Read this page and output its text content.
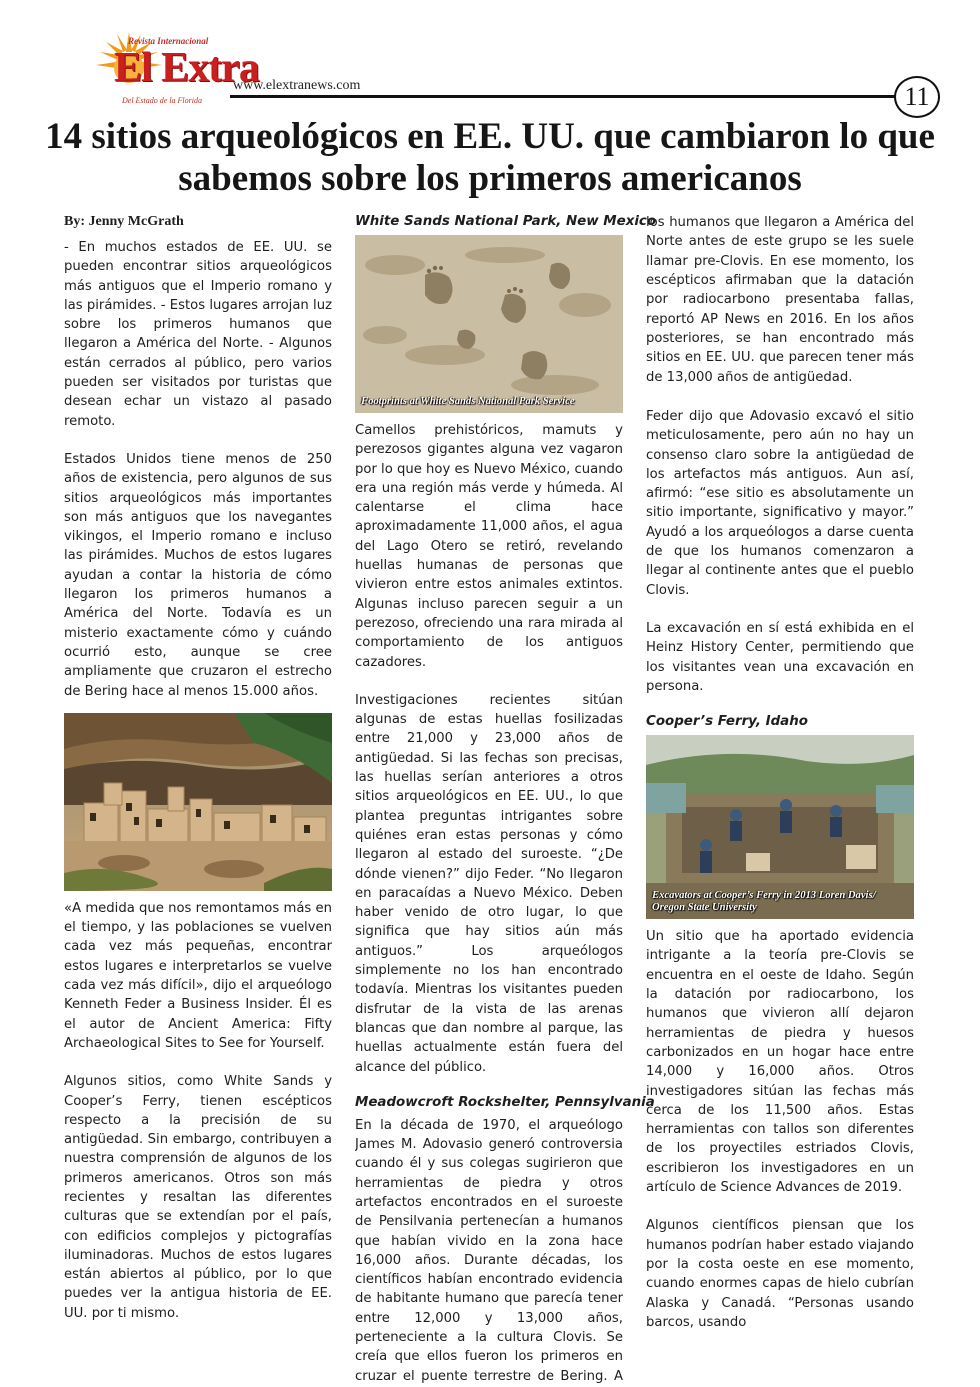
Revista Internacional
El Extra
Del Estado de la Florida
www.elextranews.com	11
14 sitios arqueológicos en EE. UU. que cambiaron lo que sabemos sobre los primeros americanos
By: Jenny McGrath

- En muchos estados de EE. UU. se pueden encontrar sitios arqueológicos más antiguos que el Imperio romano y las pirámides. - Estos lugares arrojan luz sobre los primeros humanos que llegaron a América del Norte. - Algunos están cerrados al público, pero varios pueden ser visitados por turistas que desean echar un vistazo al pasado remoto.

Estados Unidos tiene menos de 250 años de existencia, pero algunos de sus sitios arqueológicos más importantes son más antiguos que los navegantes vikingos, el Imperio romano e incluso las pirámides. Muchos de estos lugares ayudan a contar la historia de cómo llegaron los primeros humanos a América del Norte. Todavía es un misterio exactamente cómo y cuándo ocurrió esto, aunque se cree ampliamente que cruzaron el estrecho de Bering hace al menos 15.000 años.

«A medida que nos remontamos más en el tiempo, y las poblaciones se vuelven cada vez más pequeñas, encontrar estos lugares e interpretarlos se vuelve cada vez más difícil», dijo el arqueólogo Kenneth Feder a Business Insider. Él es el autor de Ancient America: Fifty Archaeological Sites to See for Yourself.

Algunos sitios, como White Sands y Cooper’s Ferry, tienen escépticos respecto a la precisión de su antigüedad. Sin embargo, contribuyen a nuestra comprensión de algunos de los primeros americanos. Otros son más recientes y resaltan las diferentes culturas que se extendían por el país, con edificios complejos y pictografías iluminadoras. Muchos de estos lugares están abiertos al público, por lo que puedes ver la antigua historia de EE. UU. por ti mismo.

White Sands National Park, New Mexico
Footprints at White Sands National Park Service

Camellos prehistóricos, mamuts y perezosos gigantes alguna vez vagaron por lo que hoy es Nuevo México, cuando era una región más verde y húmeda. Al calentarse el clima hace aproximadamente 11,000 años, el agua del Lago Otero se retiró, revelando huellas humanas de personas que vivieron entre estos animales extintos. Algunas incluso parecen seguir a un perezoso, ofreciendo una rara mirada al comportamiento de los antiguos cazadores.

Investigaciones recientes sitúan algunas de estas huellas fosilizadas entre 21,000 y 23,000 años de antigüedad. Si las fechas son precisas, las huellas serían anteriores a otros sitios arqueológicos en EE. UU., lo que plantea preguntas intrigantes sobre quiénes eran estas personas y cómo llegaron al estado del suroeste. “¿De dónde vienen?” dijo Feder. “No llegaron en paracaídas a Nuevo México. Deben haber venido de otro lugar, lo que significa que hay sitios aún más antiguos.” Los arqueólogos simplemente no los han encontrado todavía. Mientras los visitantes pueden disfrutar de la vista de las arenas blancas que dan nombre al parque, las huellas actualmente están fuera del alcance del público.

Meadowcroft Rockshelter, Pennsylvania

En la década de 1970, el arqueólogo James M. Adovasio generó controversia cuando él y sus colegas sugirieron que herramientas de piedra y otros artefactos encontrados en el suroeste de Pensilvania pertenecían a humanos que habían vivido en la zona hace 16,000 años. Durante décadas, los científicos habían encontrado evidencia de habitante humano que parecía tener entre 12,000 y 13,000 años, perteneciente a la cultura Clovis. Se creía que ellos fueron los primeros en cruzar el puente terrestre de Bering. A

los humanos que llegaron a América del Norte antes de este grupo se les suele llamar pre-Clovis. En ese momento, los escépticos afirmaban que la datación por radiocarbono presentaba fallas, reportó AP News en 2016. En los años posteriores, se han encontrado más sitios en EE. UU. que parecen tener más de 13,000 años de antigüedad.

Feder dijo que Adovasio excavó el sitio meticulosamente, pero aún no hay un consenso claro sobre la antigüedad de los artefactos más antiguos. Aun así, afirmó: “ese sitio es absolutamente un sitio importante, significativo y mayor.” Ayudó a los arqueólogos a darse cuenta de que los humanos comenzaron a llegar al continente antes que el pueblo Clovis.

La excavación en sí está exhibida en el Heinz History Center, permitiendo que los visitantes vean una excavación en persona.

Cooper’s Ferry, Idaho
Excavators at Cooper’s Ferry in 2013 Loren Davis/
Oregon State University

Un sitio que ha aportado evidencia intrigante a la teoría pre-Clovis se encuentra en el oeste de Idaho. Según la datación por radiocarbono, los humanos que vivieron allí dejaron herramientas de piedra y huesos carbonizados en un hogar hace entre 14,000 y 16,000 años. Otros investigadores sitúan las fechas más cerca de los 11,500 años. Estas herramientas con tallos son diferentes de los proyectiles estriados Clovis, escribieron los investigadores en un artículo de Science Advances de 2019.

Algunos científicos piensan que los humanos podrían haber estado viajando por la costa oeste en ese momento, cuando enormes capas de hielo cubrían Alaska y Canadá. “Personas usando barcos, usando
